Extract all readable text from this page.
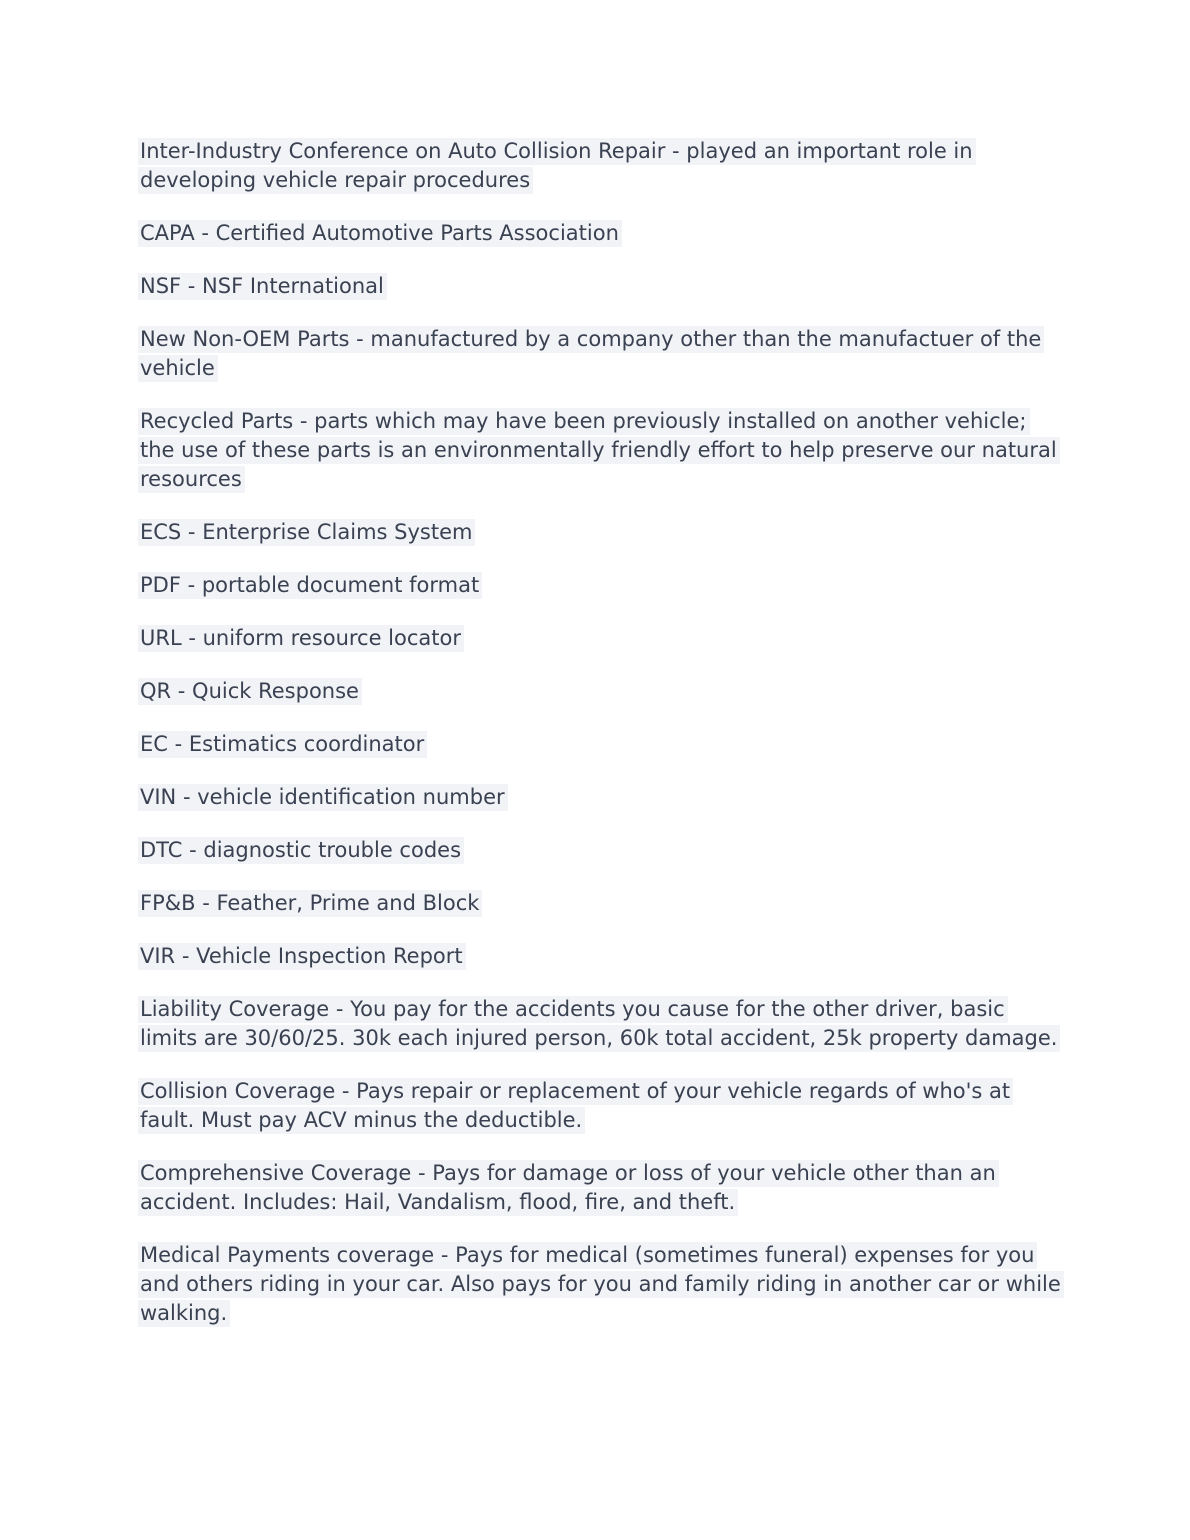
Inter-Industry Conference on Auto Collision Repair - played an important role in developing vehicle repair procedures

CAPA - Certified Automotive Parts Association

NSF - NSF International

New Non-OEM Parts - manufactured by a company other than the manufactuer of the vehicle

Recycled Parts - parts which may have been previously installed on another vehicle; the use of these parts is an environmentally friendly effort to help preserve our natural resources

ECS - Enterprise Claims System

PDF - portable document format

URL - uniform resource locator

QR - Quick Response

EC - Estimatics coordinator

VIN - vehicle identification number

DTC - diagnostic trouble codes

FP&B - Feather, Prime and Block

VIR - Vehicle Inspection Report

Liability Coverage - You pay for the accidents you cause for the other driver, basic limits are 30/60/25. 30k each injured person, 60k total accident, 25k property damage.

Collision Coverage - Pays repair or replacement of your vehicle regards of who's at fault. Must pay ACV minus the deductible.

Comprehensive Coverage - Pays for damage or loss of your vehicle other than an accident. Includes: Hail, Vandalism, flood, fire, and theft.

Medical Payments coverage - Pays for medical (sometimes funeral) expenses for you and others riding in your car. Also pays for you and family riding in another car or while walking.
